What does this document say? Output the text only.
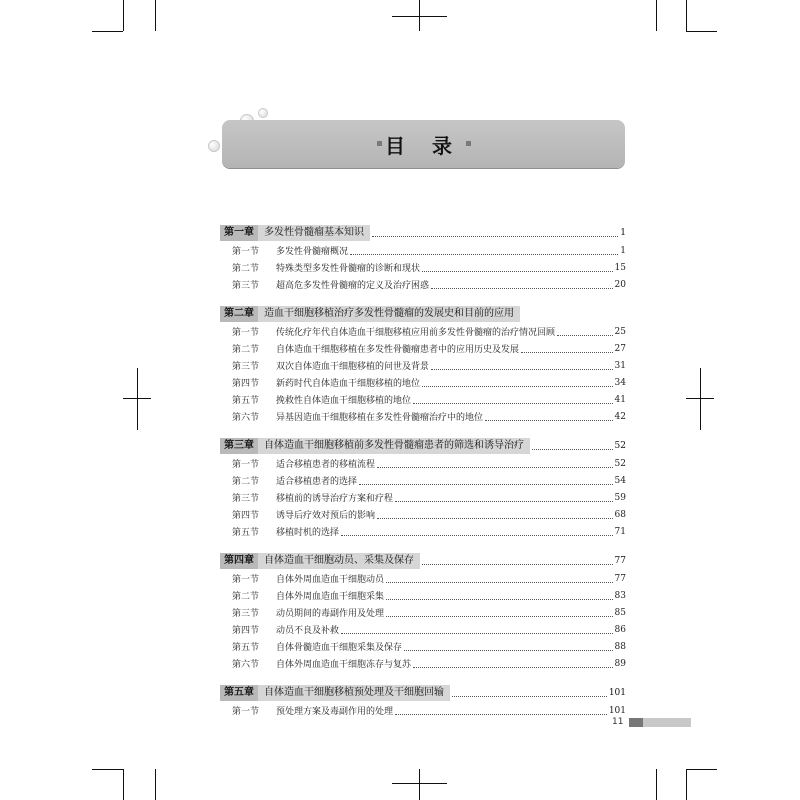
目 录
第一章	多发性骨髓瘤基本知识	1
第一节	多发性骨髓瘤概况	1
第二节	特殊类型多发性骨髓瘤的诊断和现状	15
第三节	超高危多发性骨髓瘤的定义及治疗困惑	20
第二章	造血干细胞移植治疗多发性骨髓瘤的发展史和目前的应用
第一节	传统化疗年代自体造血干细胞移植应用前多发性骨髓瘤的治疗情况回顾	25
第二节	自体造血干细胞移植在多发性骨髓瘤患者中的应用历史及发展	27
第三节	双次自体造血干细胞移植的问世及背景	31
第四节	新药时代自体造血干细胞移植的地位	34
第五节	挽救性自体造血干细胞移植的地位	41
第六节	异基因造血干细胞移植在多发性骨髓瘤治疗中的地位	42
第三章	自体造血干细胞移植前多发性骨髓瘤患者的筛选和诱导治疗	52
第一节	适合移植患者的移植流程	52
第二节	适合移植患者的选择	54
第三节	移植前的诱导治疗方案和疗程	59
第四节	诱导后疗效对预后的影响	68
第五节	移植时机的选择	71
第四章	自体造血干细胞动员、采集及保存	77
第一节	自体外周血造血干细胞动员	77
第二节	自体外周血造血干细胞采集	83
第三节	动员期间的毒副作用及处理	85
第四节	动员不良及补救	86
第五节	自体骨髓造血干细胞采集及保存	88
第六节	自体外周血造血干细胞冻存与复苏	89
第五章	自体造血干细胞移植预处理及干细胞回输	101
第一节	预处理方案及毒副作用的处理	101
11
